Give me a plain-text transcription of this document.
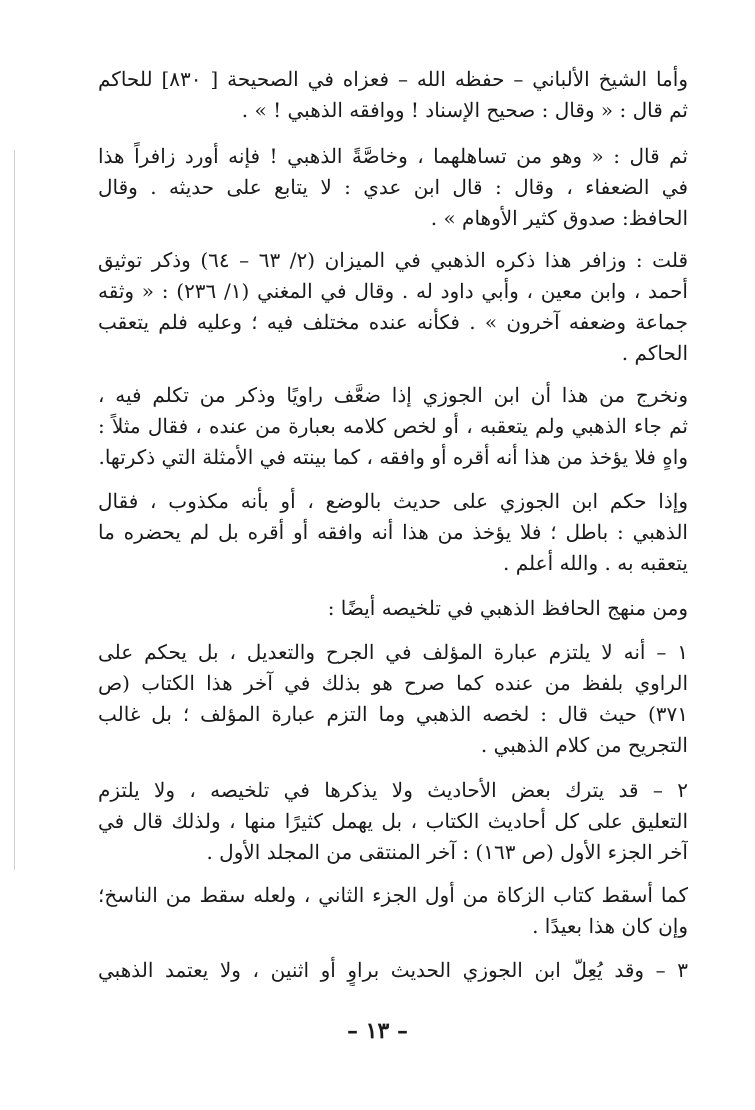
وأما الشيخ الألباني – حفظه الله – فعزاه في الصحيحة [ ٨٣٠] للحاكم
ثم قال : « وقال : صحيح الإسناد ! ووافقه الذهبي ! » .
ثم قال : « وهو من تساهلهما ، وخاصَّةً الذهبي ! فإنه أورد زافراً هذا
في الضعفاء ، وقال : قال ابن عدي : لا يتابع على حديثه . وقال
الحافظ: صدوق كثير الأوهام » .
قلت : وزافر هذا ذكره الذهبي في الميزان (٢/ ٦٣ – ٦٤) وذكر توثيق
أحمد ، وابن معين ، وأبي داود له . وقال في المغني (١/ ٢٣٦) : « وثقه
جماعة وضعفه آخرون » . فكأنه عنده مختلف فيه ؛ وعليه فلم يتعقب
الحاكم .
ونخرج من هذا أن ابن الجوزي إذا ضعَّف راويًا وذكر من تكلم فيه ،
ثم جاء الذهبي ولم يتعقبه ، أو لخص كلامه بعبارة من عنده ، فقال مثلاً :
واهٍ فلا يؤخذ من هذا أنه أقره أو وافقه ، كما بينته في الأمثلة التي ذكرتها.
وإذا حكم ابن الجوزي على حديث بالوضع ، أو بأنه مكذوب ، فقال
الذهبي : باطل ؛ فلا يؤخذ من هذا أنه وافقه أو أقره بل لم يحضره ما
يتعقبه به . والله أعلم .
ومن منهج الحافظ الذهبي في تلخيصه أيضًا :
١ – أنه لا يلتزم عبارة المؤلف في الجرح والتعديل ، بل يحكم على
الراوي بلفظ من عنده كما صرح هو بذلك في آخر هذا الكتاب (ص
٣٧١) حيث قال : لخصه الذهبي وما التزم عبارة المؤلف ؛ بل غالب
التجريح من كلام الذهبي .
٢ – قد يترك بعض الأحاديث ولا يذكرها في تلخيصه ، ولا يلتزم
التعليق على كل أحاديث الكتاب ، بل يهمل كثيرًا منها ، ولذلك قال في
آخر الجزء الأول (ص ١٦٣) : آخر المنتقى من المجلد الأول .
كما أسقط كتاب الزكاة من أول الجزء الثاني ، ولعله سقط من الناسخ؛
وإن كان هذا بعيدًا .
٣ – وقد يُعِلّ ابن الجوزي الحديث براوٍ أو اثنين ، ولا يعتمد الذهبي
– ١٣ –
